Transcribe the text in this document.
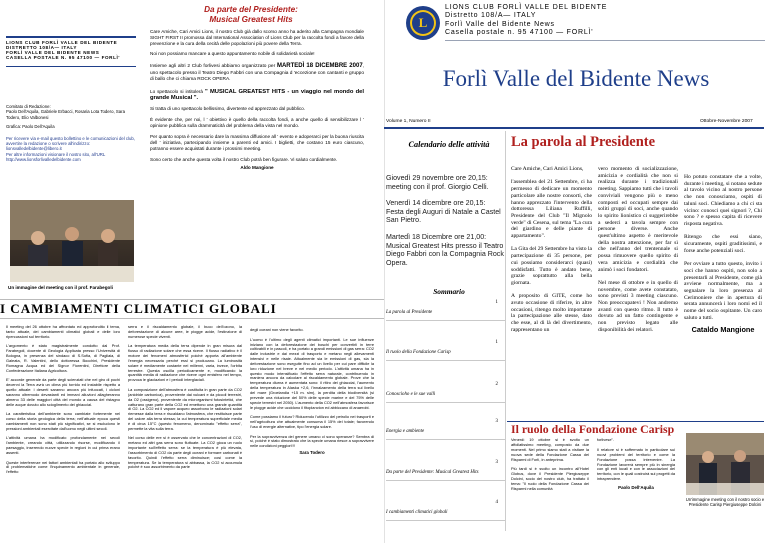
LIONS CLUB FORLÌ VALLE DEL BIDENTE
DISTRETTO 108/A— ITALY
FORLÌ VALLE DEL BIDENTE NEWS
CASELLA POSTALE N. 95 47100 — FORLÌ'
Comitato di Redazione:
Paolo Dell'Aquila, Gabriele Erbacci, Rosaria Lota Todero, Sara Todero, Elio Valbonesi
Grafica: Paolo Dell'Aquila
Per ricevere via e-mail questo bollettino e le comunicazioni del club, avvertire la redazione o scrivere all'indirizzo: lionsvalledelbidente@libero.it
Per altre informazioni visionare il nostro sito, all'URL http://www.lionsforlivalledelbidente.com
Un immagine del meeting con il prof. Farabegoli
Da parte del Presidente:
Musical Greatest Hits

Care Amiche, Cari Amici Lions, il nostro Club già dallo scorso anno ha aderito alla Campagna mondiale SIGHT FIRST II promossa dal International Association of Lions Club per la raccolta fondi a favore della prevenzione e la cura della cecità delle popolazioni più povere della Terra.

Noi non possiamo mancare a questo appuntamento nobile di solidarietà sociale!

Insieme agli altri 2 Club forlivesi abbiamo organizzato per MARTEDÌ 18 DICEMBRE 2007, uno spettacolo presso il Teatro Diego Fabbri con una Compagnia d 'eccezione con cantanti e gruppo di ballo che ci chiama ROCK OPERA.

Lo spettacolo si intitolerà " MUSICAL GREATEST HITS - un viaggio nel mondo del grande Musical ".

Si tratta di uno spettacolo bellissimo, divertente ed apprezzato dal pubblico.

È evidente che, per noi, l ' obiettivo è quello della raccolta fondi, a anche quello di sensibilizzare l ' opinione pubblica sulla drammaticità del problema della vista nel mondo.

Per quanto sopra è necessario dare la massima diffusione all ' evento e adoperarci per la buona riuscita dell ' iniziativa, partecipando insieme a parenti ed amici. I biglietti, che costano 15 euro ciascuno, potranno essere acquistati durante i prossimi meeting.

Sono certo che anche questa volta il nostro Club potrà ben figurare. Vi saluto cordialmente.

Aldo Mangione

I CAMBIAMENTI CLIMATICI GLOBALI
Il meeting del 26 ottobre ha affrontato ed approfondito il tema, tanto attuale, dei cambiamenti climatici globali e delle loro ripercussioni sul territorio.

L'argomento è stato magistralmente condotto dal Prof. Farabegoli, docente di Geologia Applicata presso l'Università di Bologna, in presenza del sindaco di S.Sofia, di Pagliaia, di Galeata, R. Valentini, dello dottoressa Bocchini, Presidente Romagna Acqua ed del Signor Fiorentini, Direttore della Confederazione Italiana Agricoltura.

E' accorde generale da parte degli scienziati che nel giro di pochi decenni la Terra avrà un clima più torrido ed instabile rispetto a quello attuale: i deserti saranno ancora più infuocati, i cicloni saranno oltremodo devastanti ed immani alluvioni allagheranno almeno 33 delle maggiori città del mondo a causa del ristagno delle acque dovuto allo scioglimento dei ghiacciai.

La caratteristica dell'ambiente sono cambiate fortemente nel corso della storia geologica della terra; nell'attuale epoca questi cambiamenti non sono stati più significativi, se si escludono le pressioni ambientali esercitate dall'uomo negli ultimi secoli.

L'attività umana ha modificato profondamente nei secoli l'ambiente, creando città, utilizzando risorse, modificando il paesaggio, inserendo nuove specie in regioni in cui prima erano assenti.

Queste interferenze nei fattori ambientali ha portato allo sviluppo di problematiche come l'inquinamento ambientale in generale, l'effetto
serra e il riscaldamento globale, il buco dell'ozono, la deforestazione di alcune aree, le piogge acide, l'estinzione di numerose specie viventi.

La temperatura media della terra dipende in gran misura dal flusso di radiazione solare che essa riceve. Il flusso radiativo è il motore dei fenomeni atmosferici poiché apporta all'ambiente l'energia necessaria perché essi si producano. La luminosità solare è mediamente costante nei millenni, varia, invece, l'orbita terrestre. Questa oscilla periodicamente e, modificando la quantità media di radiazione che riceve ogni emisfero nel tempo, provoca le glaciazioni e i periodi interglaciali.

La composizione dell'atmosfera è costituita in gran parte da CO2 (anidride carbonica), proveniente dai vulcani e da piccoli terrestri, da O2 (ossigeno), proveniente da microrganismi fotosintetici, che catturano gran parte della CO2 ed emettono una grande quantità di O2. La CO2 ed il vapore acqueo assorbono le radiazioni solari riemesse dalla terra e riscaldano l'atmosfera, che restituisce parte del calore alla terra stessa; la cui temperatura superficiale media è di circa 15°C (questo fenomeno, denominato "effetto serra", permette la vita sulla terra.

Nel corso delle ere si è osservato che le concentrazioni di CO2, metano ed altri gas serra sono fluttuate. La CO2 gioca un ruolo importante sull'effetto serra: se la temperatura è più elevata, l'assorbimento di CO2 da parte degli oceani e formare carbonati è favorito. Quindi l'effetto serra diminuisce; così come la temperatura. Se la temperatura si abbassa, la CO2 si accumula poiché è suo assorbimento da parte
degli oceani non viene favorito.

L'uomo è l'ultimo degli agenti climatici importanti. Le sue influenze iniziano con la deforestazione dei boschi per convertirli in terre coltivabili e in pascoli, e ha portato a grandi emissioni di gas serra: CO2 dalle industrie e dai mezzi di trasporto e metano negli allevamenti intensivi e nelle risaie. Attualmente sia le emissioni di gas, sia la deforestazione sono eseguite fino ad un livello per cui pare difficile la loro riduzione nel breve e nel medio periodo. L'attività umana ha in questo modo intensificato l'effetto serra naturale, contribuendo in maniera ancora da calcolare al riscaldamento globale. Prove che la temperatura diurna è aumentata sono: il ritiro dei ghiacciai, l'aumento della temperatura in Alaska +2,6, l'innalzamento della terra sul livello del mare (Groelandia +15 m. slm), la perdita della biodiversità (si prevede una riduzione del 50% delle specie marine e del 75% delle specie terrestri nel 2050). L'aumento della CO2 nell'atmosfera favorisce le piogge acide che uccidono il fitoplancton ed abbiccano di anaerobi.

Come possiamo il futuro? Riducendo l'utilizzo del petrolio nei trasporti e nell'agricoltura che attualmente consuma il 15% del totale; favorendo l'uso di energie alternative, tipo l'energia solare.

Per la sopravvivenza del genere umano ci sono speranze? Sembra di sì, poiché è stato dimostrato che la specie umana riesce a sopravvivere nelle condizioni peggiori!!!
Sara Todero
L
LIONS CLUB FORLÌ VALLE DEL BIDENTE
Distretto 108/A— ITALY
Forlì Valle del Bidente News
Casella postale n. 95 47100 — FORLÌ'
Forlì Valle del Bidente News
Volume 1, Numero II	Ottobre-Novembre 2007
Calendario delle attività

Giovedì 29 novembre ore 20,15: meeting con il prof. Giorgio Celli.

Venerdì 14 dicembre ore 20,15: Festa degli Auguri di Natale a Castel San Pietro.

Martedì 18 Dicembre ore 21,00: Musical Greatest Hits presso il Teatro Diego Fabbri con la Compagnia Rock Opera.

Sommario
La parola al Presidente1
Il ruolo della Fondazione Carisp1
Conoscioho e le sue valli2
Energia e ambiente3
Da parte del Presidente: Musical Greatest Hits3
I cambiamenti climatici globali4
La parola al Presidente
Care Amiche, Cari Amici Lions,

l'assemblea del 21 Settembre, ci ha permesso di dedicare un momento particolare alle nostre consorti, che hanno apprezzato l'intervento della dottoressa Liliana Ruffilli, Presidente del Club "Il Mignolo verde" di Cesena, sul tema "La cura del giardino e delle piante di appartamento".

La Gita del 29 Settembre ha visto la partecipazione di 35 persone, per cui possiamo considerarci (quasi) soddisfatti. Tutto è andato bene, grazie soprattutto alla bella giornata.

A proposito di GITE, come ho avuto occasione di riferire, in altre occasioni, ritengo molto importante la partecipazione alle stesse, dato che esse, al di là del divertimento, rappresentano un
vero momento di socializzazione, amicizia e cordialità che non si realizza durante i tradizionali meeting. Sappiamo tutti che i tavoli conviviali vengono più o meno composti ed occupati sempre dai soliti gruppi di soci, anche quando lo spirito lionistico ci suggerirebbe a sederci a tavola sempre con persone diverse. Anche quest'ultimo aspetto è meritevole della nostra attenzione, per far sì che nell'anno del trentennale si possa rimuovere quello spirito di vera amicizia e cordialità che animò i soci fondatori.

Nel mese di ottobre e in quello di novembre, come avete constatato, sono previsti 3 meeting ciascuno. Non preoccupatevi ! Non andremo avanti con questo ritmo. Il tutto è dovuto ad un fatto contingente e non previsto legato alle disponibilità dei relatori.
Ho potuto constatare che a volte, durante i meeting, si notano sedute al tavolo vicino al nostro persone che non conosciamo, ospiti di taluni soci. Chiediamo a chi ci sta vicino: conosci quei signori ?, Chi sono ? e spesso capita di ricevere risposta negativa.

Ritengo che essi siano, sicuramente, ospiti graditissimi, e forse anche potenziali soci.

Per ovviare a tutto questo, invito i soci che hanno ospiti, non solo a presentarli al Presidente, come già avviene normalmente, ma a segnalare la loro presenza al Cerimoniere che in apertura di serata annuncerà i loro nomi ed il nome del socio ospitante. Un caro saluto a tutti.
Cataldo Mangione
Il ruolo della Fondazione Carisp
Venerdì 19 ottobre si è svolto un affollatissimo meeting, composto da due momenti. Nel primo siamo stati a visitare la nuova sede della Fondazione Cassa dei Risparmi di Forlì, in anteprima.

Più tardi si è svolto un incontro all'Hotel Globus, dove il Presidente Piergiuseppe Dolcini, socio del nostro club, ha trattato il tema: "Il ruolo della Fondazione Cassa dei Risparmi nella comunità
forlivese".

Il relatore si è soffermato in particolare sui nuovi problemi del territorio e come la Fondazione possa intervenire. La Fondazione lavorerà sempre più in sinergia con gli enti locali e con le associazioni del territorio, con le quali costruirà sui progetti da intraprendere.
Paolo Dell'Aquila
Un'immagine meeting con il nostro socio e Presidente Carisp Piergiuseppe Dolcini
